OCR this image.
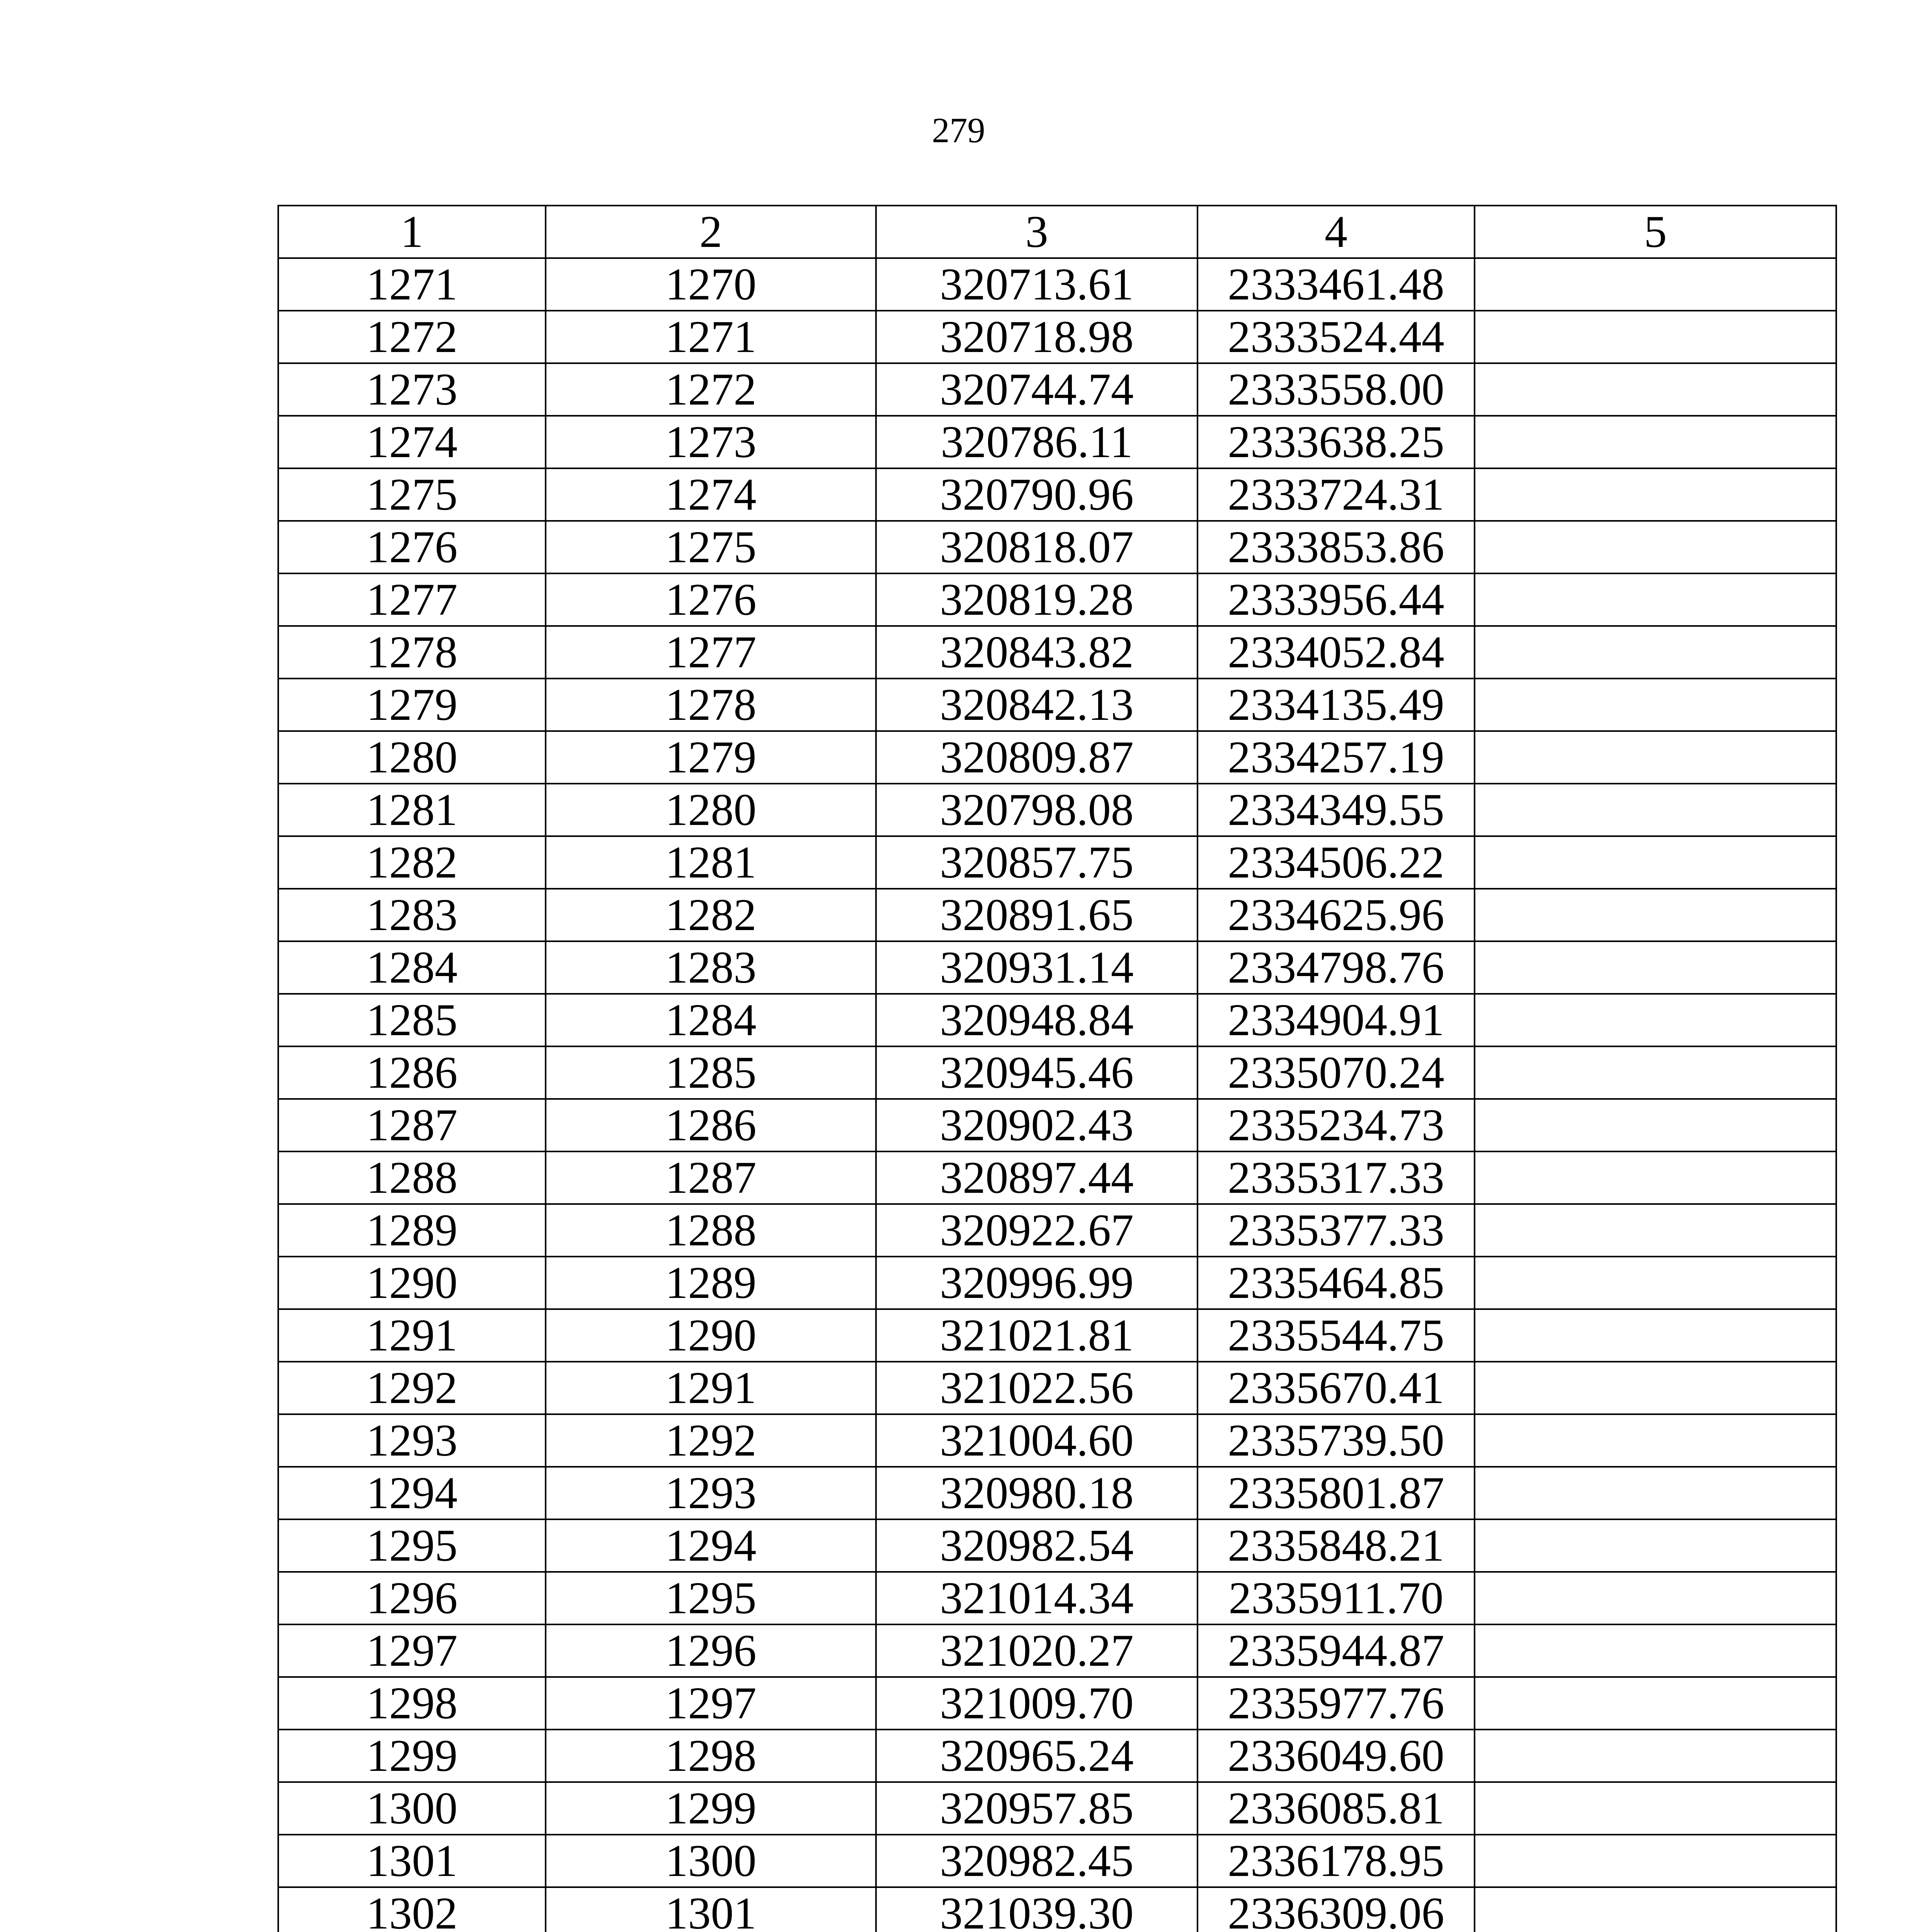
279
1	2	3	4	5
1271	1270	320713.61	2333461.48	
1272	1271	320718.98	2333524.44	
1273	1272	320744.74	2333558.00	
1274	1273	320786.11	2333638.25	
1275	1274	320790.96	2333724.31	
1276	1275	320818.07	2333853.86	
1277	1276	320819.28	2333956.44	
1278	1277	320843.82	2334052.84	
1279	1278	320842.13	2334135.49	
1280	1279	320809.87	2334257.19	
1281	1280	320798.08	2334349.55	
1282	1281	320857.75	2334506.22	
1283	1282	320891.65	2334625.96	
1284	1283	320931.14	2334798.76	
1285	1284	320948.84	2334904.91	
1286	1285	320945.46	2335070.24	
1287	1286	320902.43	2335234.73	
1288	1287	320897.44	2335317.33	
1289	1288	320922.67	2335377.33	
1290	1289	320996.99	2335464.85	
1291	1290	321021.81	2335544.75	
1292	1291	321022.56	2335670.41	
1293	1292	321004.60	2335739.50	
1294	1293	320980.18	2335801.87	
1295	1294	320982.54	2335848.21	
1296	1295	321014.34	2335911.70	
1297	1296	321020.27	2335944.87	
1298	1297	321009.70	2335977.76	
1299	1298	320965.24	2336049.60	
1300	1299	320957.85	2336085.81	
1301	1300	320982.45	2336178.95	
1302	1301	321039.30	2336309.06	
